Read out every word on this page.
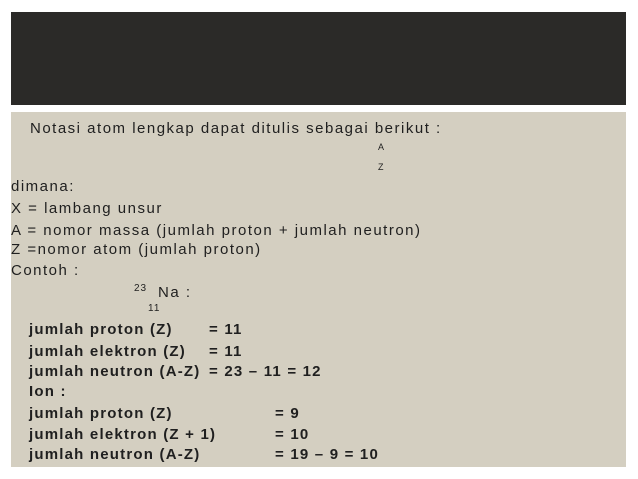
Notasi atom lengkap dapat ditulis sebagai berikut :
A
Z
dimana:
X = lambang unsur
A = nomor massa (jumlah proton + jumlah neutron)
Z =nomor atom (jumlah proton)
Contoh :
23 Na :
11
jumlah proton (Z) = 11
jumlah elektron (Z) = 11
jumlah neutron (A-Z) = 23 – 11 = 12
Ion :
jumlah proton (Z)	= 9
jumlah elektron (Z + 1)	= 10
jumlah neutron (A-Z)	= 19 – 9 = 10
